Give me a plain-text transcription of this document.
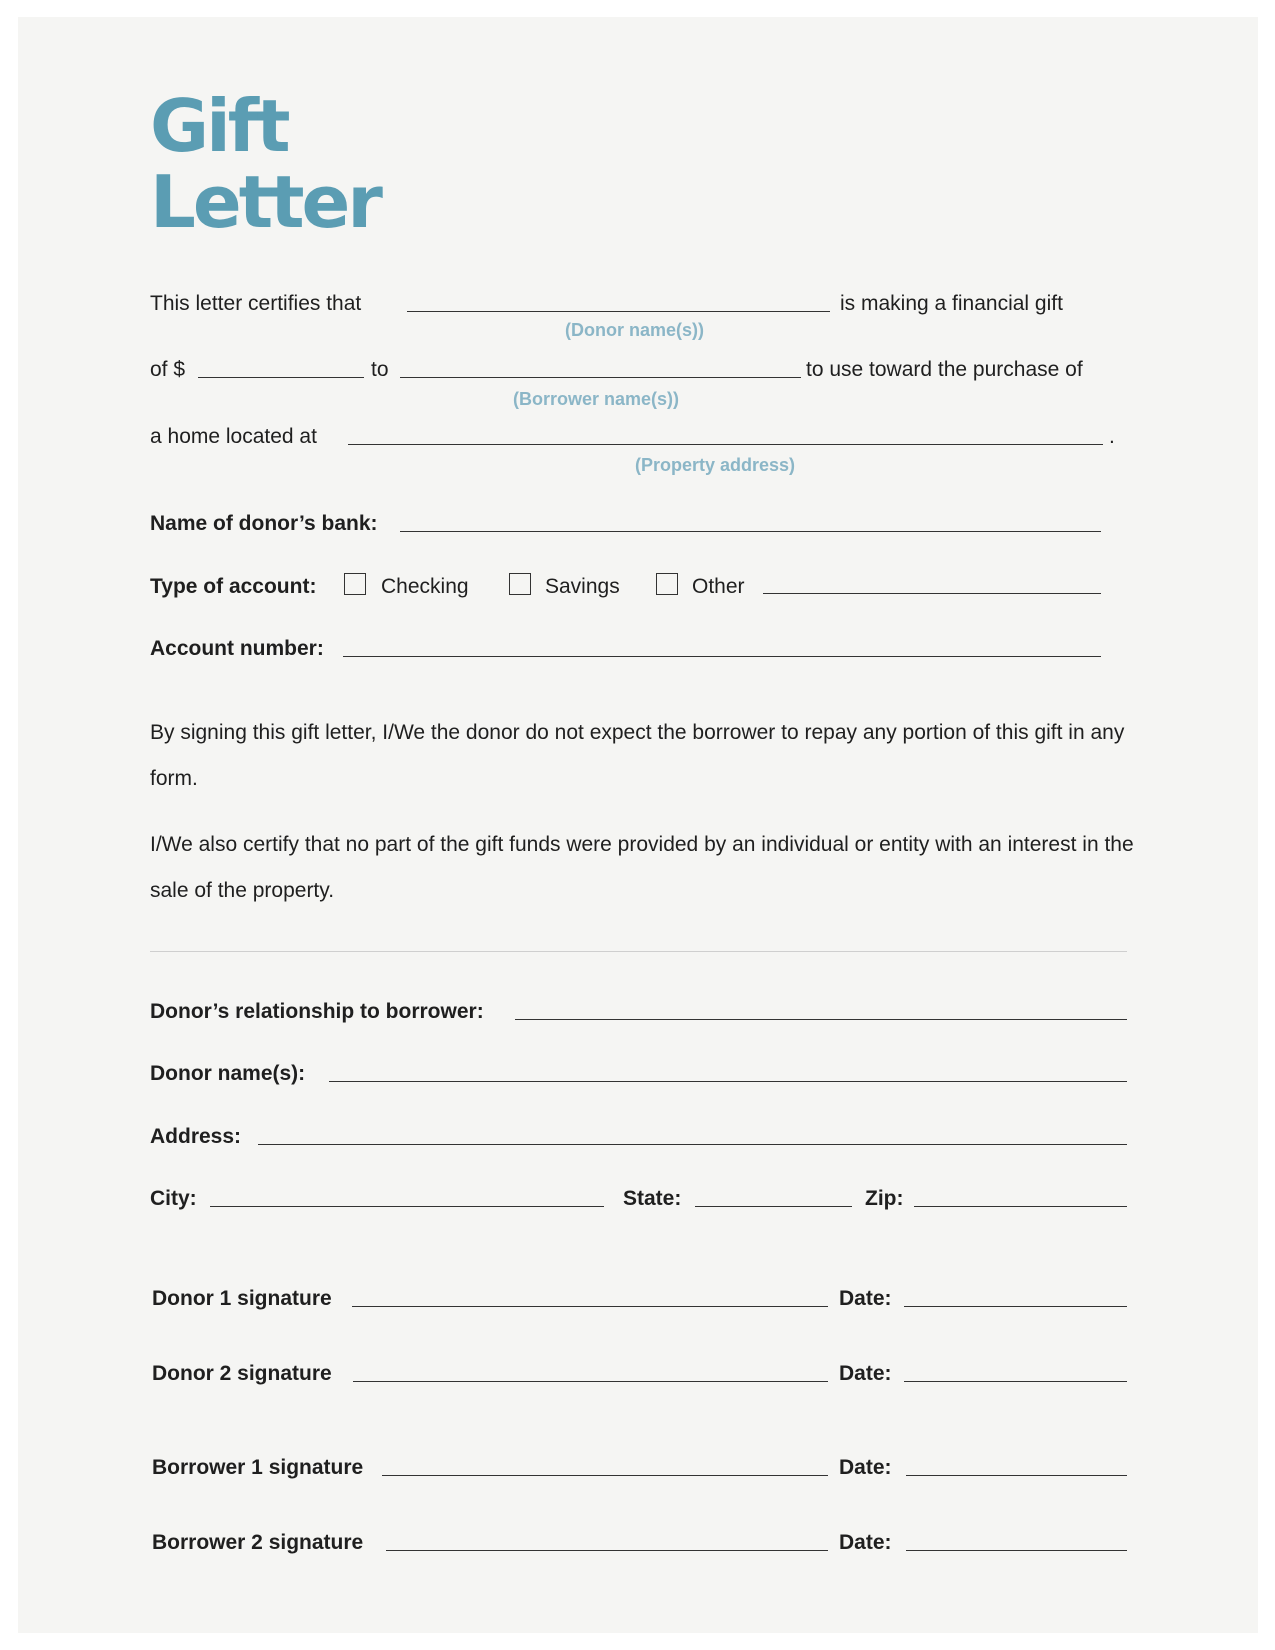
Gift
Letter
This letter certifies that	is making a financial gift
(Donor name(s))
of $	to	to use toward the purchase of
(Borrower name(s))
a home located at	.
(Property address)
Name of donor’s bank:
Type of account:	Checking	Savings	Other
Account number:
By signing this gift letter, I/We the donor do not expect the borrower to repay any portion of this gift in any form.
I/We also certify that no part of the gift funds were provided by an individual or entity with an interest in the sale of the property.
Donor’s relationship to borrower:
Donor name(s):
Address:
City:	State:	Zip:
Donor 1 signature	Date:
Donor 2 signature	Date:
Borrower 1 signature	Date:
Borrower 2 signature	Date:
